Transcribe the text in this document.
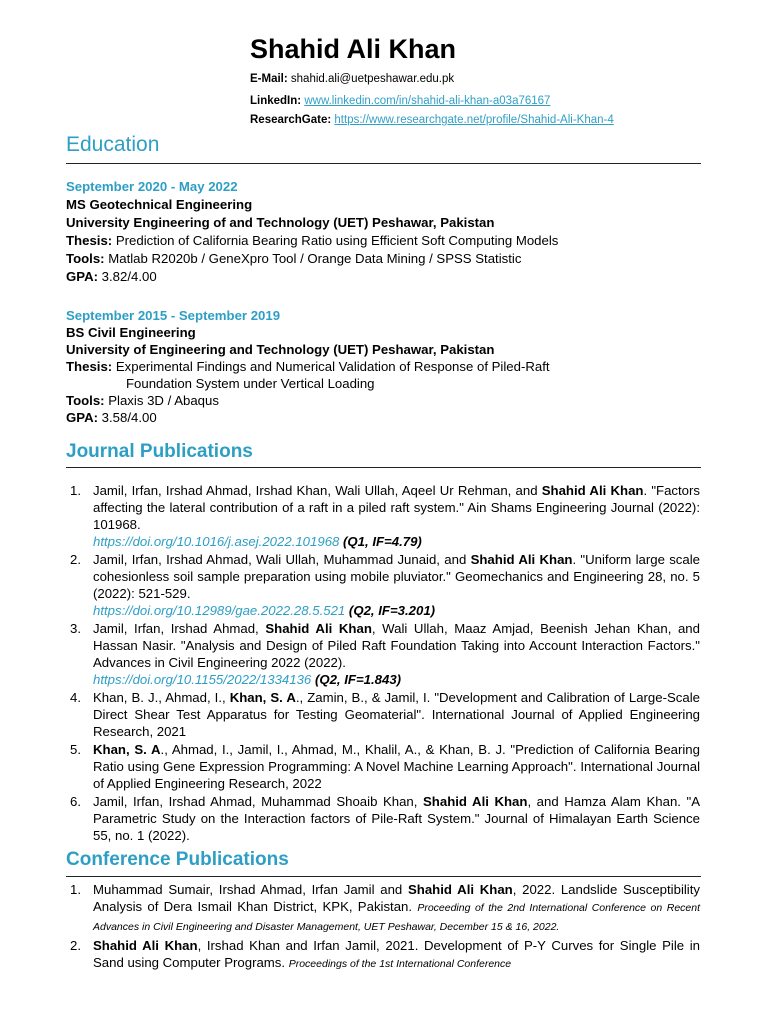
Shahid Ali Khan
E-Mail: shahid.ali@uetpeshawar.edu.pk
LinkedIn: www.linkedin.com/in/shahid-ali-khan-a03a76167
ResearchGate: https://www.researchgate.net/profile/Shahid-Ali-Khan-4
Education
September 2020 - May 2022
MS Geotechnical Engineering
University Engineering of and Technology (UET) Peshawar, Pakistan
Thesis: Prediction of California Bearing Ratio using Efficient Soft Computing Models
Tools: Matlab R2020b / GeneXpro Tool / Orange Data Mining / SPSS Statistic
GPA: 3.82/4.00
September 2015 - September 2019
BS Civil Engineering
University of Engineering and Technology (UET) Peshawar, Pakistan
Thesis: Experimental Findings and Numerical Validation of Response of Piled-Raft
Foundation System under Vertical Loading
Tools: Plaxis 3D / Abaqus
GPA: 3.58/4.00
Journal Publications
1. Jamil, Irfan, Irshad Ahmad, Irshad Khan, Wali Ullah, Aqeel Ur Rehman, and Shahid Ali Khan. "Factors affecting the lateral contribution of a raft in a piled raft system." Ain Shams Engineering Journal (2022): 101968.
https://doi.org/10.1016/j.asej.2022.101968 (Q1, IF=4.79)
2. Jamil, Irfan, Irshad Ahmad, Wali Ullah, Muhammad Junaid, and Shahid Ali Khan. "Uniform large scale cohesionless soil sample preparation using mobile pluviator." Geomechanics and Engineering 28, no. 5 (2022): 521-529.
https://doi.org/10.12989/gae.2022.28.5.521 (Q2, IF=3.201)
3. Jamil, Irfan, Irshad Ahmad, Shahid Ali Khan, Wali Ullah, Maaz Amjad, Beenish Jehan Khan, and Hassan Nasir. "Analysis and Design of Piled Raft Foundation Taking into Account Interaction Factors." Advances in Civil Engineering 2022 (2022).
https://doi.org/10.1155/2022/1334136 (Q2, IF=1.843)
4. Khan, B. J., Ahmad, I., Khan, S. A., Zamin, B., & Jamil, I. "Development and Calibration of Large-Scale Direct Shear Test Apparatus for Testing Geomaterial". International Journal of Applied Engineering Research, 2021
5. Khan, S. A., Ahmad, I., Jamil, I., Ahmad, M., Khalil, A., & Khan, B. J. "Prediction of California Bearing Ratio using Gene Expression Programming: A Novel Machine Learning Approach". International Journal of Applied Engineering Research, 2022
6. Jamil, Irfan, Irshad Ahmad, Muhammad Shoaib Khan, Shahid Ali Khan, and Hamza Alam Khan. "A Parametric Study on the Interaction factors of Pile-Raft System." Journal of Himalayan Earth Science 55, no. 1 (2022).
Conference Publications
1. Muhammad Sumair, Irshad Ahmad, Irfan Jamil and Shahid Ali Khan, 2022. Landslide Susceptibility Analysis of Dera Ismail Khan District, KPK, Pakistan. Proceeding of the 2nd International Conference on Recent Advances in Civil Engineering and Disaster Management, UET Peshawar, December 15 & 16, 2022.
2. Shahid Ali Khan, Irshad Khan and Irfan Jamil, 2021. Development of P-Y Curves for Single Pile in Sand using Computer Programs. Proceedings of the 1st International Conference
